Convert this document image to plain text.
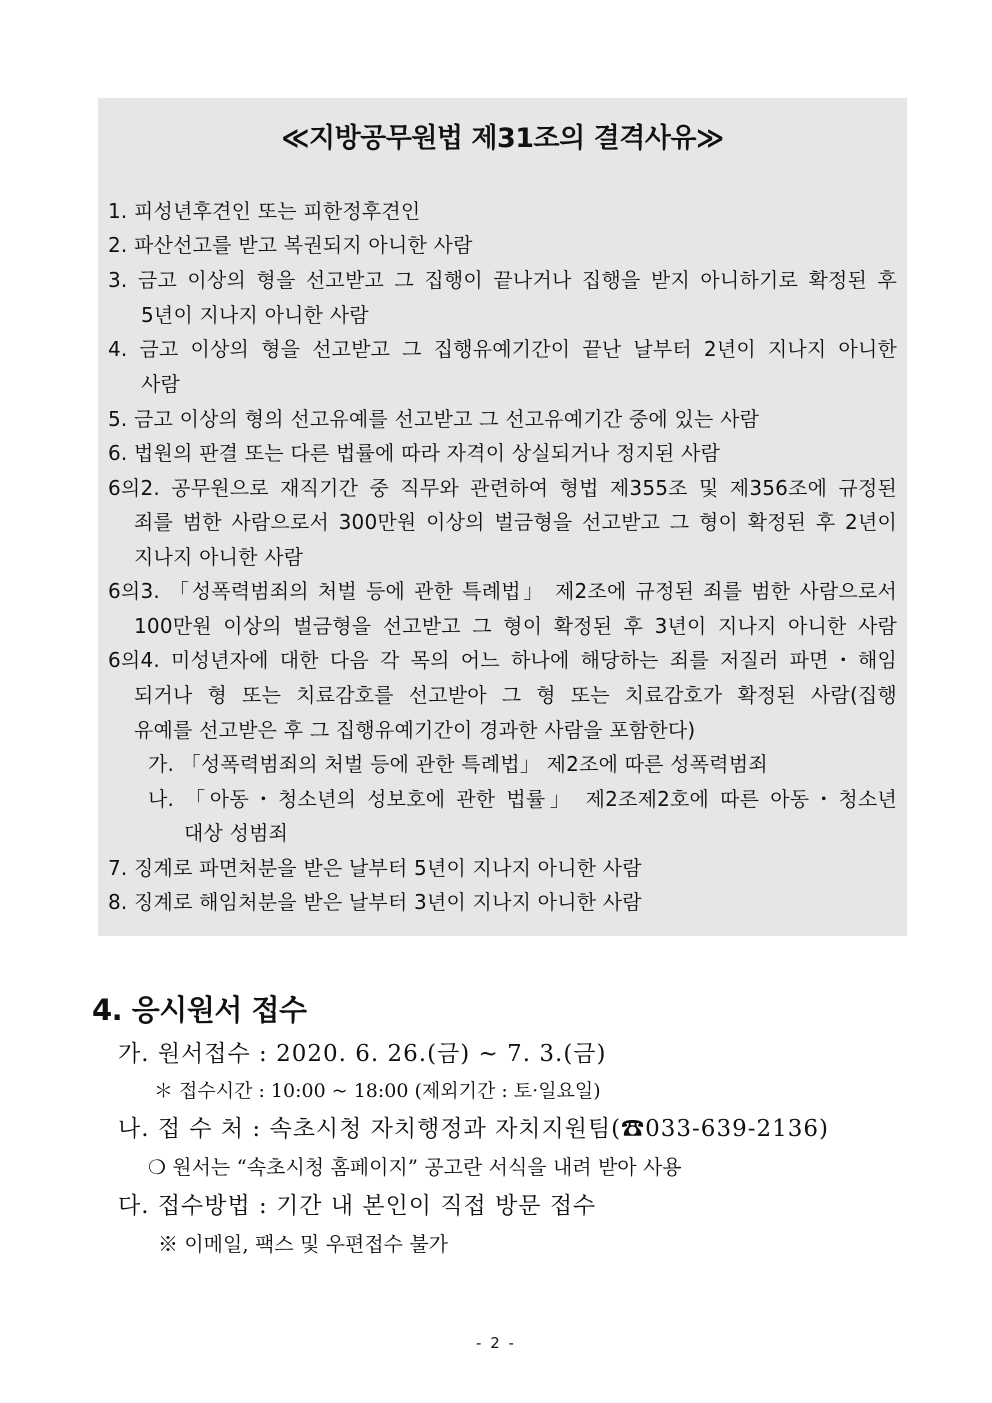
≪지방공무원법 제31조의 결격사유≫
1. 피성년후견인 또는 피한정후견인
2. 파산선고를 받고 복권되지 아니한 사람
3. 금고 이상의 형을 선고받고 그 집행이 끝나거나 집행을 받지 아니하기로 확정된 후
5년이 지나지 아니한 사람
4. 금고 이상의 형을 선고받고 그 집행유예기간이 끝난 날부터 2년이 지나지 아니한
사람
5. 금고 이상의 형의 선고유예를 선고받고 그 선고유예기간 중에 있는 사람
6. 법원의 판결 또는 다른 법률에 따라 자격이 상실되거나 정지된 사람
6의2. 공무원으로 재직기간 중 직무와 관련하여 형법 제355조 및 제356조에 규정된
죄를 범한 사람으로서 300만원 이상의 벌금형을 선고받고 그 형이 확정된 후 2년이
지나지 아니한 사람
6의3. 「성폭력범죄의 처벌 등에 관한 특례법」 제2조에 규정된 죄를 범한 사람으로서
100만원 이상의 벌금형을 선고받고 그 형이 확정된 후 3년이 지나지 아니한 사람
6의4. 미성년자에 대한 다음 각 목의 어느 하나에 해당하는 죄를 저질러 파면・해임
되거나 형 또는 치료감호를 선고받아 그 형 또는 치료감호가 확정된 사람(집행
유예를 선고받은 후 그 집행유예기간이 경과한 사람을 포함한다)
가. 「성폭력범죄의 처벌 등에 관한 특례법」 제2조에 따른 성폭력범죄
나. 「아동・청소년의 성보호에 관한 법률」 제2조제2호에 따른 아동・청소년
대상 성범죄
7. 징계로 파면처분을 받은 날부터 5년이 지나지 아니한 사람
8. 징계로 해임처분을 받은 날부터 3년이 지나지 아니한 사람
4. 응시원서 접수
가. 원서접수 : 2020. 6. 26.(금) ~ 7. 3.(금)
＊ 접수시간 : 10:00 ~ 18:00 (제외기간 : 토·일요일)
나. 접 수 처 : 속초시청 자치행정과 자치지원팀(☎033-639-2136)
❍ 원서는 “속초시청 홈페이지” 공고란 서식을 내려 받아 사용
다. 접수방법 : 기간 내 본인이 직접 방문 접수
※ 이메일, 팩스 및 우편접수 불가
- 2 -
